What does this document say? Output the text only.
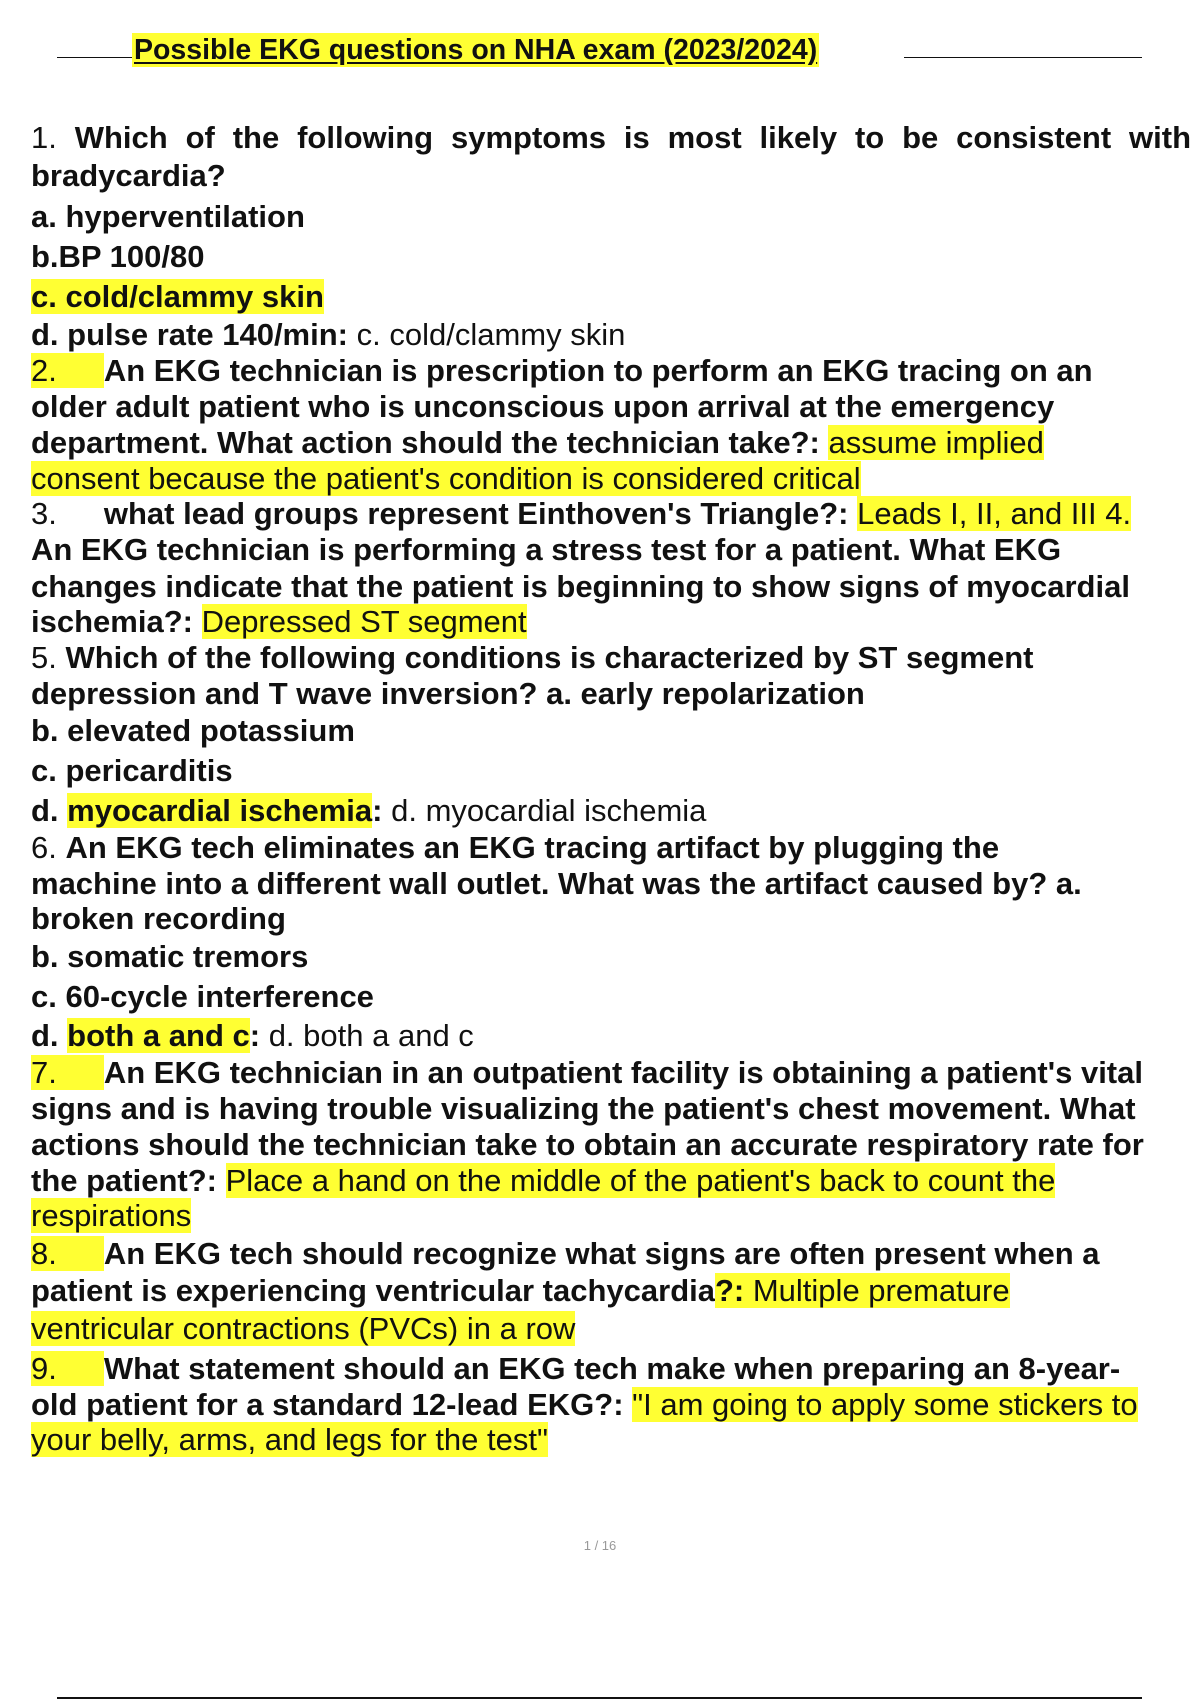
Possible EKG questions on NHA exam (2023/2024)
1. Which of the following symptoms is most likely to be consistent with
bradycardia?
a. hyperventilation
b.BP 100/80
c. cold/clammy skin
d. pulse rate 140/min: c. cold/clammy skin
2. An EKG technician is prescription to perform an EKG tracing on an
older adult patient who is unconscious upon arrival at the emergency
department. What action should the technician take?: assume implied
consent because the patient's condition is considered critical
3. what lead groups represent Einthoven's Triangle?: Leads I, II, and III 4.
An EKG technician is performing a stress test for a patient. What EKG
changes indicate that the patient is beginning to show signs of myocardial
ischemia?: Depressed ST segment
5. Which of the following conditions is characterized by ST segment
depression and T wave inversion? a. early repolarization
b. elevated potassium
c. pericarditis
d. myocardial ischemia: d. myocardial ischemia
6. An EKG tech eliminates an EKG tracing artifact by plugging the
machine into a different wall outlet. What was the artifact caused by? a.
broken recording
b. somatic tremors
c. 60-cycle interference
d. both a and c: d. both a and c
7. An EKG technician in an outpatient facility is obtaining a patient's vital
signs and is having trouble visualizing the patient's chest movement. What
actions should the technician take to obtain an accurate respiratory rate for
the patient?: Place a hand on the middle of the patient's back to count the
respirations
8. An EKG tech should recognize what signs are often present when a
patient is experiencing ventricular tachycardia?: Multiple premature
ventricular contractions (PVCs) in a row
9. What statement should an EKG tech make when preparing an 8-year-
old patient for a standard 12-lead EKG?: "I am going to apply some stickers to
your belly, arms, and legs for the test"
1 / 16
